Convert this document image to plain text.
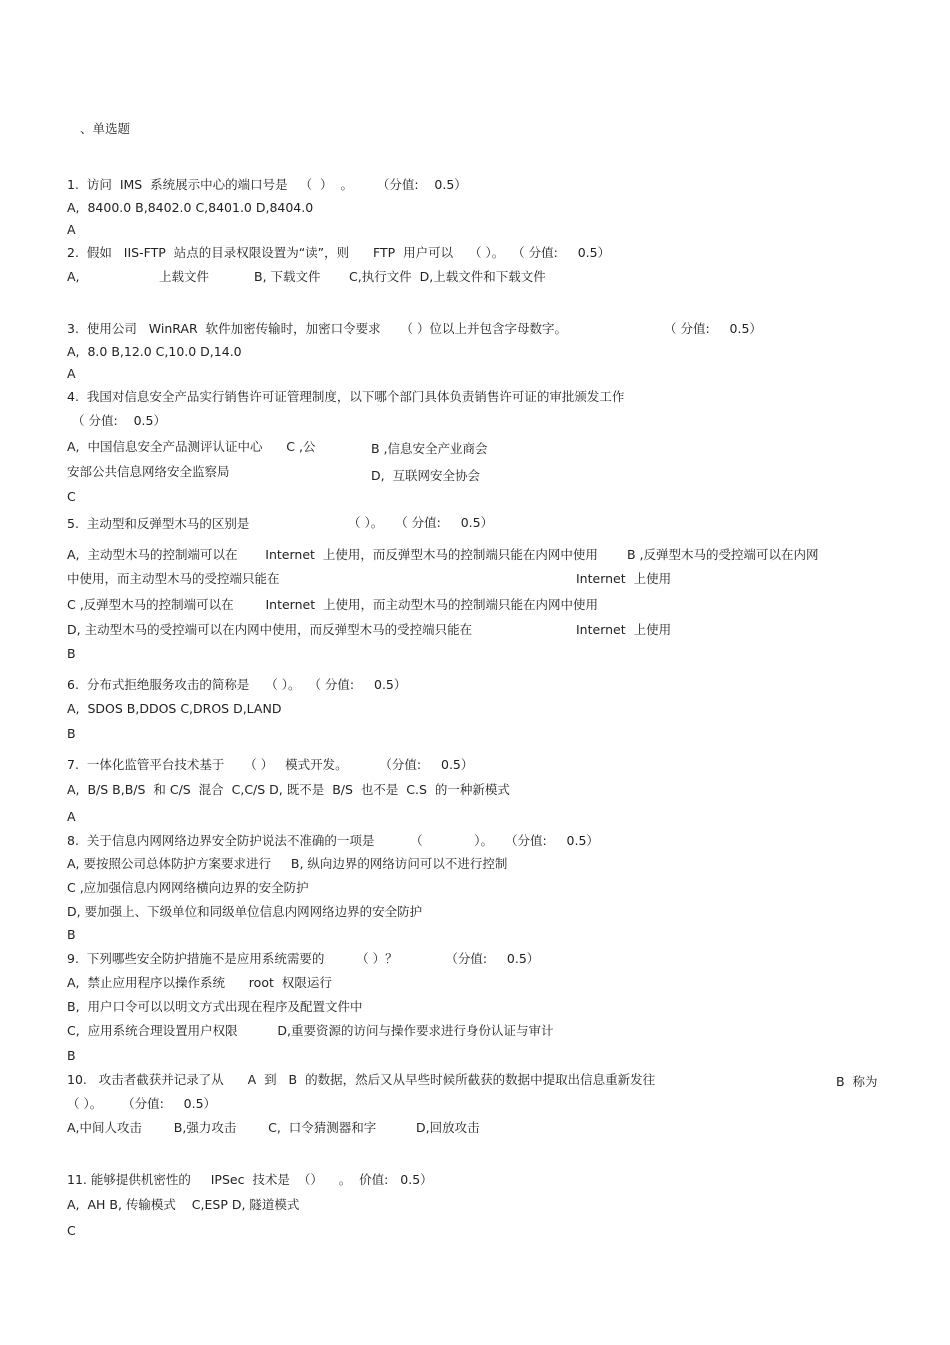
、单选题
1.  访问  IMS  系统展示中心的端口号是   （  ）  。      （分值:    0.5）
A,  8400.0 B,8402.0 C,8401.0 D,8404.0
A
2.  假如   IIS-FTP  站点的目录权限设置为“读”，则      FTP  用户可以    （ ）。  （ 分值:     0.5）
A,	上载文件	B, 下载文件 C,执行文件  D,上载文件和下载文件
3.  使用公司   WinRAR  软件加密传输时，加密口令要求     （ ）位以上并包含字母数字。	（ 分值:     0.5）
A,  8.0 B,12.0 C,10.0 D,14.0
A
4.  我国对信息安全产品实行销售许可证管理制度，以下哪个部门具体负责销售许可证的审批颁发工作
（ 分值:    0.5）
A,  中国信息安全产品测评认证中心      C ,公	B ,信息安全产业商会
安部公共信息网络安全监察局	D,  互联网安全协会
C
5.  主动型和反弹型木马的区别是	（ ）。   （ 分值:     0.5）
A,  主动型木马的控制端可以在       Internet  上使用，而反弹型木马的控制端只能在内网中使用 B ,反弹型木马的受控端可以在内网
中使用，而主动型木马的受控端只能在	Internet  上使用
C ,反弹型木马的控制端可以在        Internet  上使用，而主动型木马的控制端只能在内网中使用
D, 主动型木马的受控端可以在内网中使用，而反弹型木马的受控端只能在	Internet  上使用
B
6.  分布式拒绝服务攻击的简称是    （ ）。  （ 分值:     0.5）
A,  SDOS B,DDOS C,DROS D,LAND
B
7.  一体化监管平台技术基于     （ ）   模式开发。        （分值:     0.5）
A,  B/S B,B/S  和 C/S  混合  C,C/S D, 既不是  B/S  也不是  C.S  的一种新模式
A
8.  关于信息内网网络边界安全防护说法不准确的一项是         （             ）。   （分值:     0.5）
A, 要按照公司总体防护方案要求进行     B, 纵向边界的网络访问可以不进行控制
C ,应加强信息内网网络横向边界的安全防护
D, 要加强上、下级单位和同级单位信息内网网络边界的安全防护
B
9.  下列哪些安全防护措施不是应用系统需要的        （ ）？            （分值:     0.5）
A,  禁止应用程序以操作系统      root  权限运行
B,  用户口令可以以明文方式出现在程序及配置文件中
C,  应用系统合理设置用户权限          D,重要资源的访问与操作要求进行身份认证与审计
B
10.   攻击者截获并记录了从      A  到   B  的数据，然后又从早些时候所截获的数据中提取出信息重新发往	B  称为
（ ）。     （分值:     0.5）
A,中间人攻击        B,强力攻击        C,  口令猜测器和字          D,回放攻击
11. 能够提供机密性的     IPSec  技术是  （）    。  价值:   0.5）
A,  AH B, 传输模式    C,ESP D, 隧道模式
C
